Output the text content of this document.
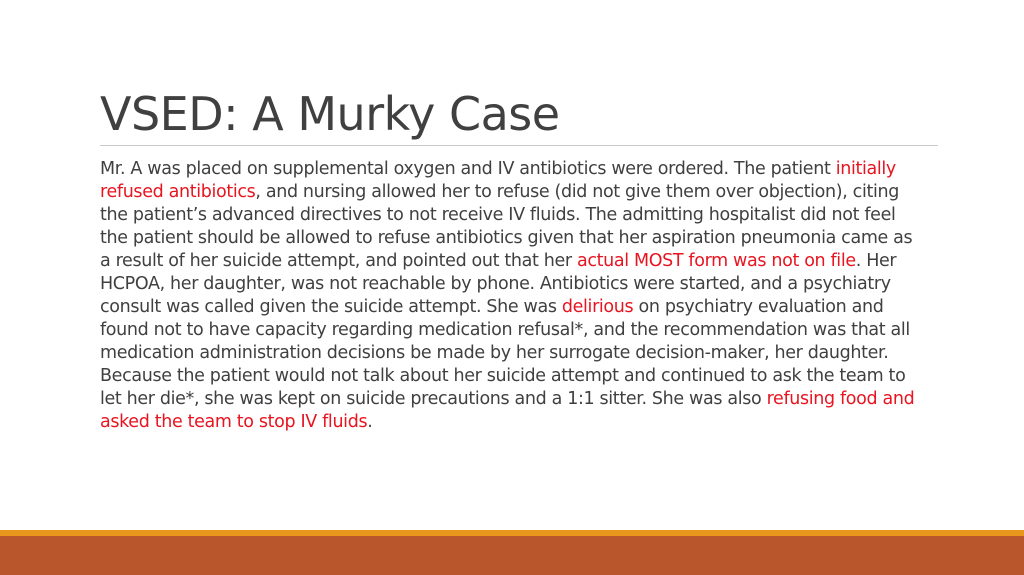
VSED: A Murky Case
Mr. A was placed on supplemental oxygen and IV antibiotics were ordered. The patient initially
refused antibiotics, and nursing allowed her to refuse (did not give them over objection), citing
the patient’s advanced directives to not receive IV fluids. The admitting hospitalist did not feel
the patient should be allowed to refuse antibiotics given that her aspiration pneumonia came as
a result of her suicide attempt, and pointed out that her actual MOST form was not on file. Her
HCPOA, her daughter, was not reachable by phone. Antibiotics were started, and a psychiatry
consult was called given the suicide attempt. She was delirious on psychiatry evaluation and
found not to have capacity regarding medication refusal*, and the recommendation was that all
medication administration decisions be made by her surrogate decision-maker, her daughter.
Because the patient would not talk about her suicide attempt and continued to ask the team to
let her die*, she was kept on suicide precautions and a 1:1 sitter. She was also refusing food and
asked the team to stop IV fluids.
